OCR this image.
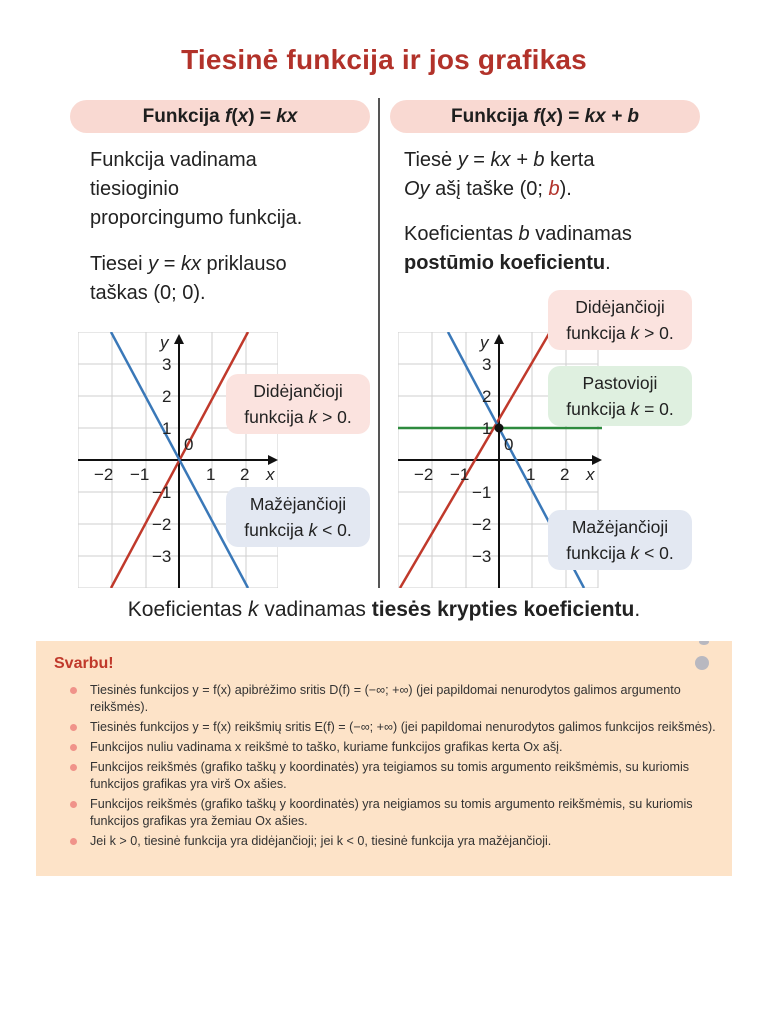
Tiesinė funkcija ir jos grafikas
Funkcija f(x) = kx	Funkcija f(x) = kx + b
Funkcija vadinama
tiesioginio
proporcingumo funkcija.
Tiesei y = kx priklauso
taškas (0; 0).
Tiesė y = kx + b kerta
Oy ašį taške (0; b).
Koeficientas b vadinamas
postūmio koeficientu.
−2 −1	1 2 x
y
3
2
1
−1
−2
−3
0
−2 −1	1 2 x
y
3
2
1
−1
−2
−3
0
Didėjančioji
funkcija k > 0.
Mažėjančioji
funkcija k < 0.
Didėjančioji
funkcija k > 0.
Pastovioji
funkcija k = 0.
Mažėjančioji
funkcija k < 0.
Koeficientas k vadinamas tiesės krypties koeficientu.
Svarbu!
Tiesinės funkcijos y = f(x) apibrėžimo sritis D(f) = (−∞; +∞) (jei papildomai nenurodytos galimos argumento reikšmės).
Tiesinės funkcijos y = f(x) reikšmių sritis E(f) = (−∞; +∞) (jei papildomai nenurodytos galimos funkcijos reikšmės).
Funkcijos nuliu vadinama x reikšmė to taško, kuriame funkcijos grafikas kerta Ox ašį.
Funkcijos reikšmės (grafiko taškų y koordinatės) yra teigiamos su tomis argumento reikšmėmis, su kuriomis funkcijos grafikas yra virš Ox ašies.
Funkcijos reikšmės (grafiko taškų y koordinatės) yra neigiamos su tomis argumento reikšmėmis, su kuriomis funkcijos grafikas yra žemiau Ox ašies.
Jei k > 0, tiesinė funkcija yra didėjančioji; jei k < 0, tiesinė funkcija yra mažėjančioji.
